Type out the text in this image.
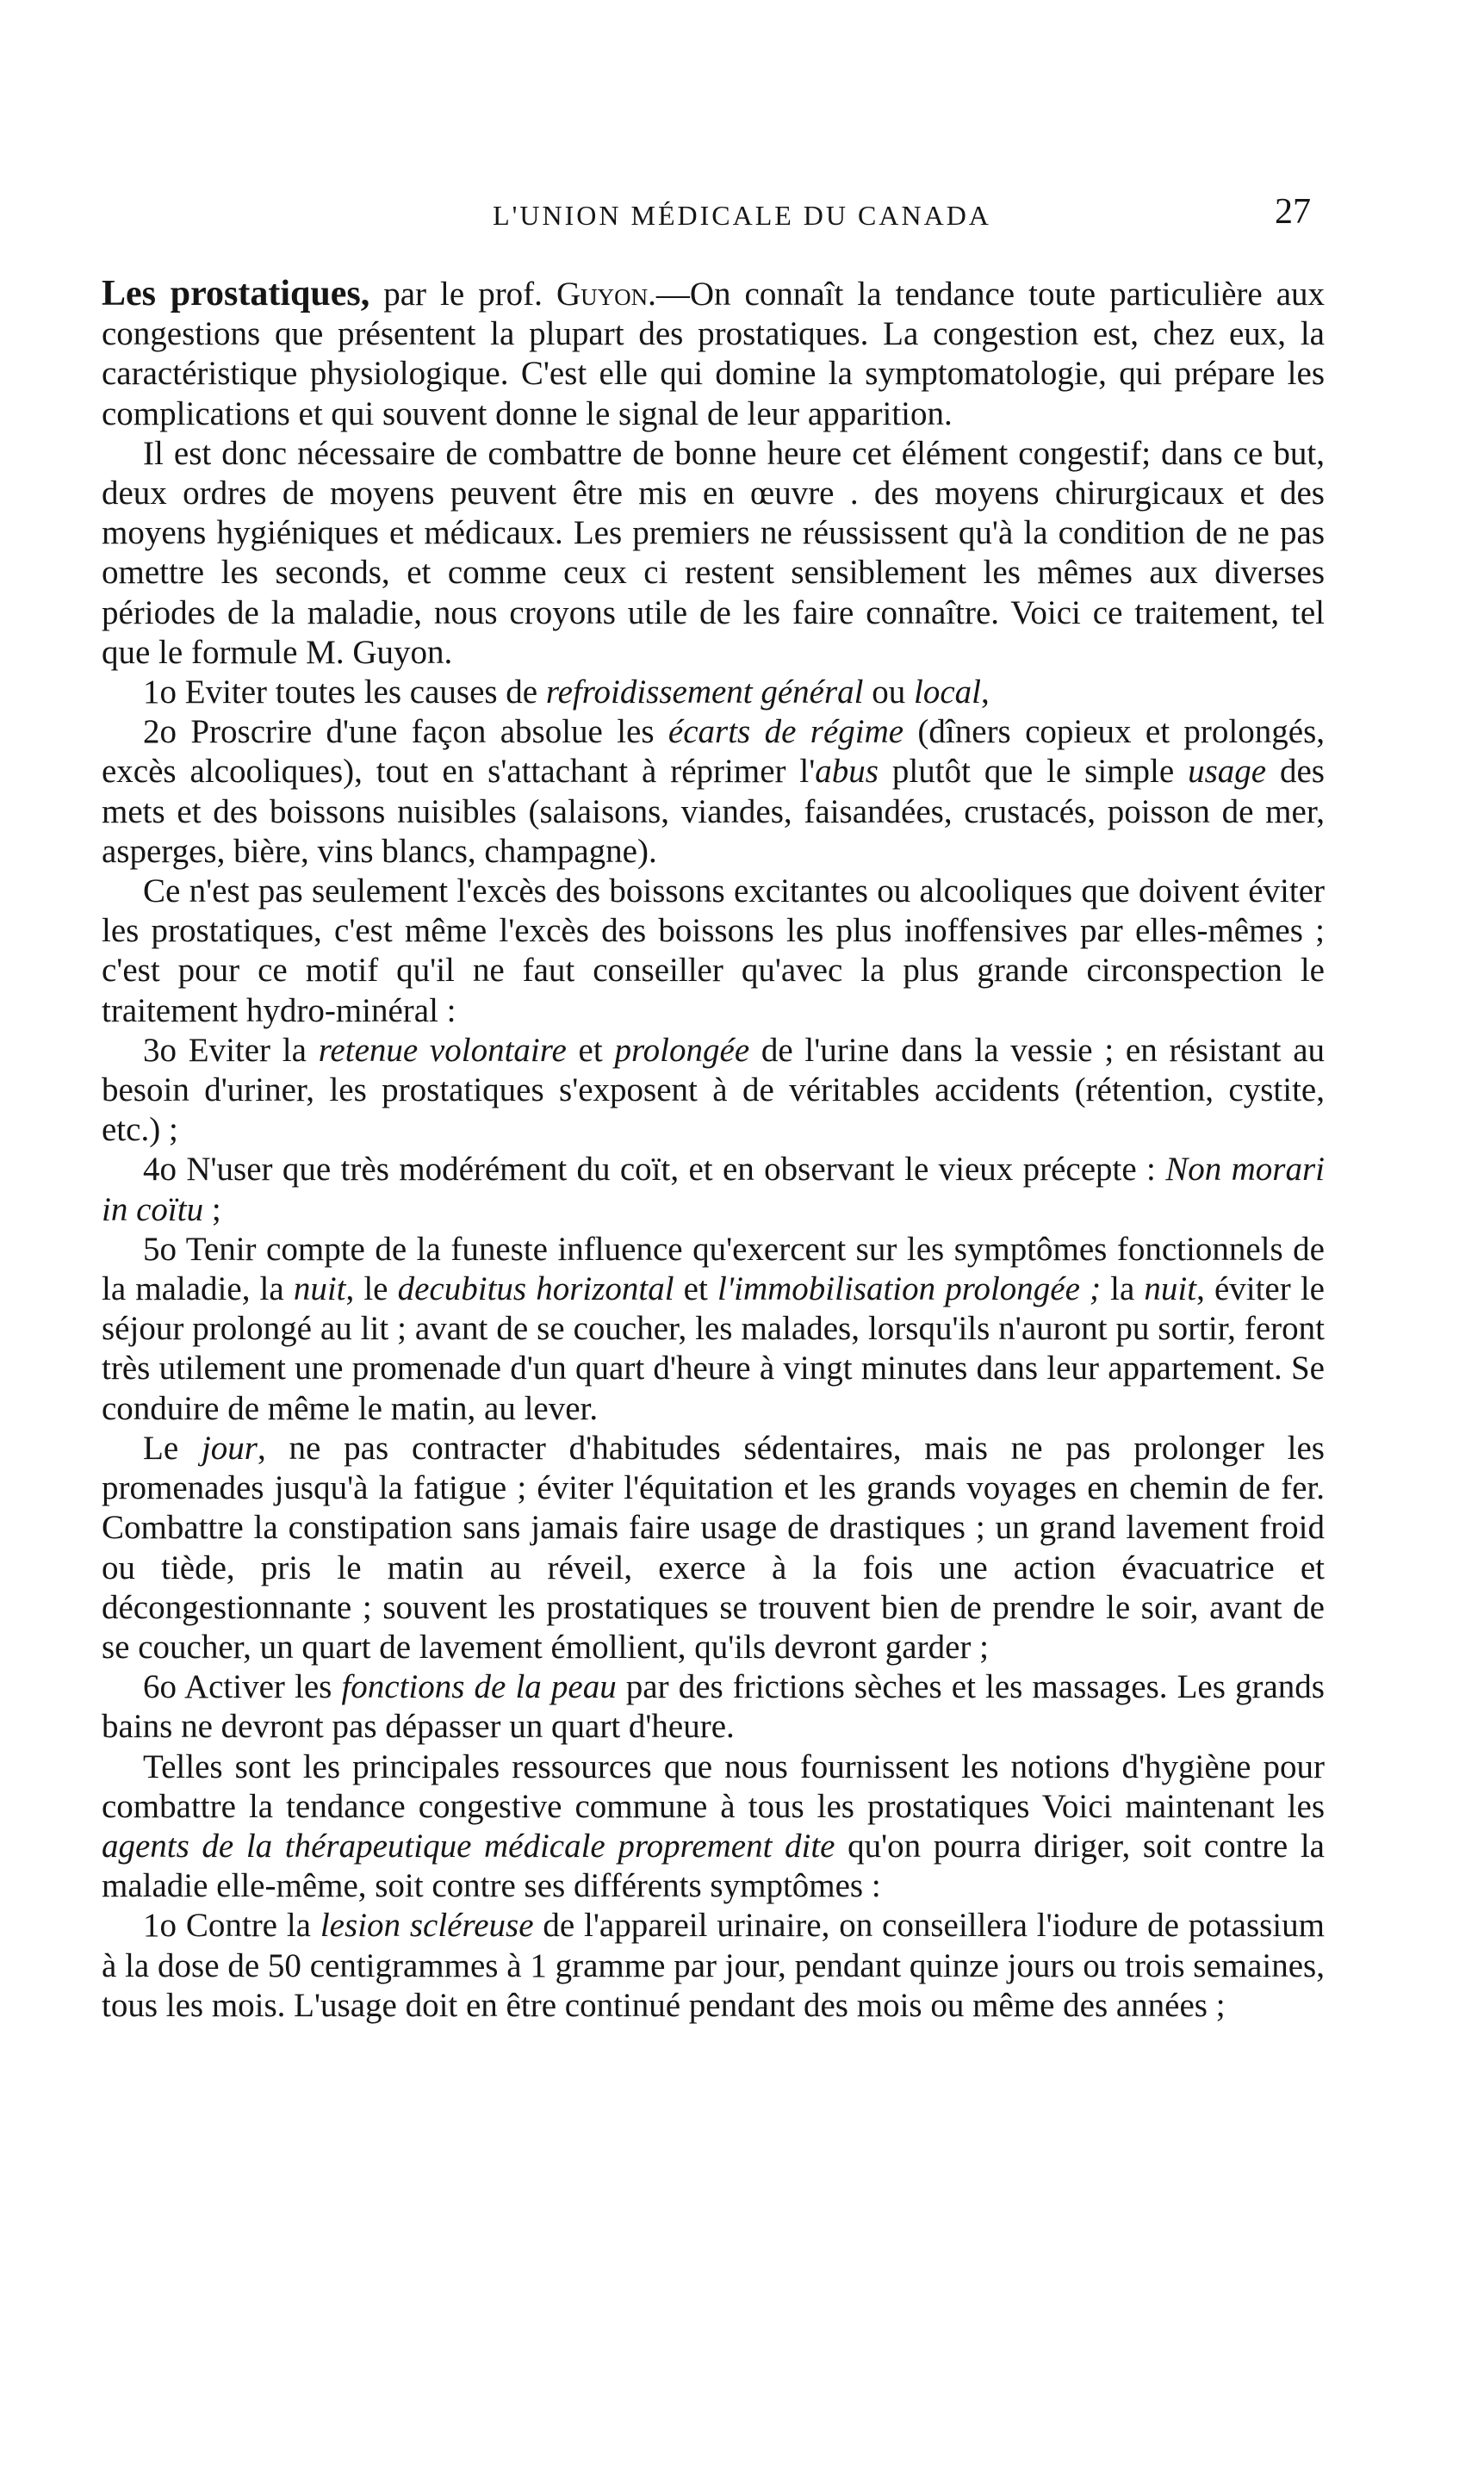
L'UNION MÉDICALE DU CANADA	27

Les prostatiques, par le prof. Guyon.—On connaît la tendance toute particulière aux congestions que présentent la plupart des prostatiques. La congestion est, chez eux, la caractéristique physiologique. C'est elle qui domine la symptomatologie, qui prépare les complications et qui souvent donne le signal de leur apparition.

Il est donc nécessaire de combattre de bonne heure cet élément congestif; dans ce but, deux ordres de moyens peuvent être mis en œuvre . des moyens chirurgicaux et des moyens hygiéniques et médicaux. Les premiers ne réussissent qu'à la condition de ne pas omettre les seconds, et comme ceux ci restent sensiblement les mêmes aux diverses périodes de la maladie, nous croyons utile de les faire connaître. Voici ce traitement, tel que le formule M. Guyon.

1o Eviter toutes les causes de refroidissement général ou local,

2o Proscrire d'une façon absolue les écarts de régime (dîners copieux et prolongés, excès alcooliques), tout en s'attachant à réprimer l'abus plutôt que le simple usage des mets et des boissons nuisibles (salaisons, viandes, faisandées, crustacés, poisson de mer, asperges, bière, vins blancs, champagne).

Ce n'est pas seulement l'excès des boissons excitantes ou alcooliques que doivent éviter les prostatiques, c'est même l'excès des boissons les plus inoffensives par elles-mêmes ; c'est pour ce motif qu'il ne faut conseiller qu'avec la plus grande circonspection le traitement hydro-minéral :

3o Eviter la retenue volontaire et prolongée de l'urine dans la vessie ; en résistant au besoin d'uriner, les prostatiques s'exposent à de véritables accidents (rétention, cystite, etc.) ;

4o N'user que très modérément du coït, et en observant le vieux précepte : Non morari in coïtu ;

5o Tenir compte de la funeste influence qu'exercent sur les symptômes fonctionnels de la maladie, la nuit, le decubitus horizontal et l'immobilisation prolongée ; la nuit, éviter le séjour prolongé au lit ; avant de se coucher, les malades, lorsqu'ils n'auront pu sortir, feront très utilement une promenade d'un quart d'heure à vingt minutes dans leur appartement. Se conduire de même le matin, au lever.

Le jour, ne pas contracter d'habitudes sédentaires, mais ne pas prolonger les promenades jusqu'à la fatigue ; éviter l'équitation et les grands voyages en chemin de fer. Combattre la constipation sans jamais faire usage de drastiques ; un grand lavement froid ou tiède, pris le matin au réveil, exerce à la fois une action évacuatrice et décongestionnante ; souvent les prostatiques se trouvent bien de prendre le soir, avant de se coucher, un quart de lavement émollient, qu'ils devront garder ;

6o Activer les fonctions de la peau par des frictions sèches et les massages. Les grands bains ne devront pas dépasser un quart d'heure.

Telles sont les principales ressources que nous fournissent les notions d'hygiène pour combattre la tendance congestive commune à tous les prostatiques Voici maintenant les agents de la thérapeutique médicale proprement dite qu'on pourra diriger, soit contre la maladie elle-même, soit contre ses différents symptômes :

1o Contre la lesion scléreuse de l'appareil urinaire, on conseillera l'iodure de potassium à la dose de 50 centigrammes à 1 gramme par jour, pendant quinze jours ou trois semaines, tous les mois. L'usage doit en être continué pendant des mois ou même des années ;
